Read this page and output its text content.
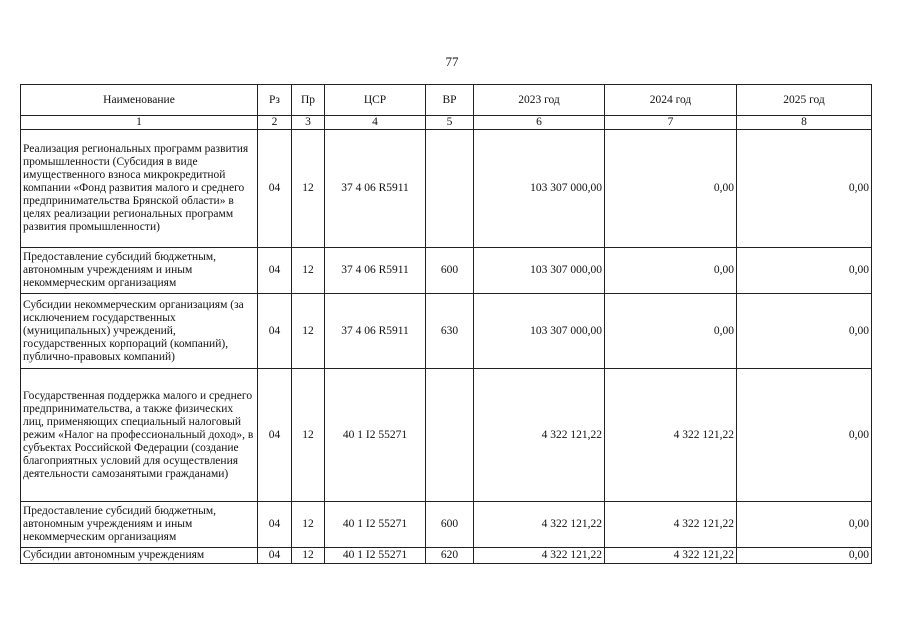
77
Наименование	Рз	Пр	ЦСР	ВР	2023 год	2024 год	2025 год
1	2	3	4	5	6	7	8
Реализация региональных программ развития промышленности (Субсидия в виде имущественного взноса микрокредитной компании «Фонд развития малого и среднего предпринимательства Брянской области» в целях реализации региональных программ развития промышленности)	04	12	37 4 06 R5911		103 307 000,00	0,00	0,00
Предоставление субсидий бюджетным, автономным учреждениям и иным некоммерческим организациям	04	12	37 4 06 R5911	600	103 307 000,00	0,00	0,00
Субсидии некоммерческим организациям (за исключением государственных (муниципальных) учреждений, государственных корпораций (компаний), публично-правовых компаний)	04	12	37 4 06 R5911	630	103 307 000,00	0,00	0,00
Государственная поддержка малого и среднего предпринимательства, а также физических лиц, применяющих специальный налоговый режим «Налог на профессиональный доход», в субъектах Российской Федерации (создание благоприятных условий для осуществления деятельности самозанятыми гражданами)	04	12	40 1 I2 55271		4 322 121,22	4 322 121,22	0,00
Предоставление субсидий бюджетным, автономным учреждениям и иным некоммерческим организациям	04	12	40 1 I2 55271	600	4 322 121,22	4 322 121,22	0,00
Субсидии автономным учреждениям	04	12	40 1 I2 55271	620	4 322 121,22	4 322 121,22	0,00
